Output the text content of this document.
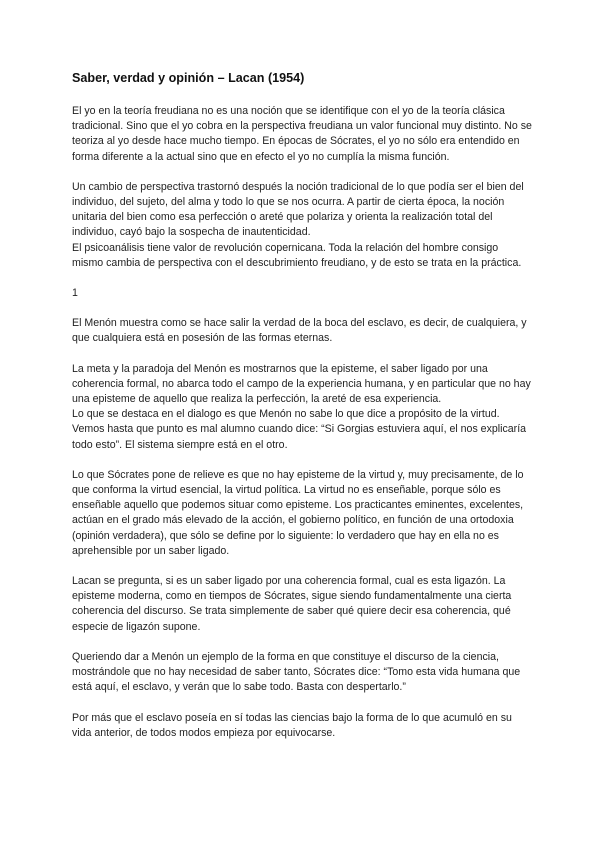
Saber, verdad y opinión – Lacan (1954)

El yo en la teoría freudiana no es una noción que se identifique con el yo de la teoría clásica tradicional. Sino que el yo cobra en la perspectiva freudiana un valor funcional muy distinto. No se teoriza al yo desde hace mucho tiempo. En épocas de Sócrates, el yo no sólo era entendido en forma diferente a la actual sino que en efecto el yo no cumplía la misma función.

Un cambio de perspectiva trastornó después la noción tradicional de lo que podía ser el bien del individuo, del sujeto, del alma y todo lo que se nos ocurra. A partir de cierta época, la noción unitaria del bien como esa perfección o areté que polariza y orienta la realización total del individuo, cayó bajo la sospecha de inautenticidad.

El psicoanálisis tiene valor de revolución copernicana. Toda la relación del hombre consigo mismo cambia de perspectiva con el descubrimiento freudiano, y de esto se trata en la práctica.

1

El Menón muestra como se hace salir la verdad de la boca del esclavo, es decir, de cualquiera, y que cualquiera está en posesión de las formas eternas.

La meta y la paradoja del Menón es mostrarnos que la episteme, el saber ligado por una coherencia formal, no abarca todo el campo de la experiencia humana, y en particular que no hay una episteme de aquello que realiza la perfección, la areté de esa experiencia.

Lo que se destaca en el dialogo es que Menón no sabe lo que dice a propósito de la virtud. Vemos hasta que punto es mal alumno cuando dice: “Si Gorgias estuviera aquí, el nos explicaría todo esto”. El sistema siempre está en el otro.

Lo que Sócrates pone de relieve es que no hay episteme de la virtud y, muy precisamente, de lo que conforma la virtud esencial, la virtud política. La virtud no es enseñable, porque sólo es enseñable aquello que podemos situar como episteme. Los practicantes eminentes, excelentes, actúan en el grado más elevado de la acción, el gobierno político, en función de una ortodoxia (opinión verdadera), que sólo se define por lo siguiente: lo verdadero que hay en ella no es aprehensible por un saber ligado.

Lacan se pregunta, si es un saber ligado por una coherencia formal, cual es esta ligazón. La episteme moderna, como en tiempos de Sócrates, sigue siendo fundamentalmente una cierta coherencia del discurso. Se trata simplemente de saber qué quiere decir esa coherencia, qué especie de ligazón supone.

Queriendo dar a Menón un ejemplo de la forma en que constituye el discurso de la ciencia, mostrándole que no hay necesidad de saber tanto, Sócrates dice: “Tomo esta vida humana que está aquí, el esclavo, y verán que lo sabe todo. Basta con despertarlo.”

Por más que el esclavo poseía en sí todas las ciencias bajo la forma de lo que acumuló en su vida anterior, de todos modos empieza por equivocarse.
